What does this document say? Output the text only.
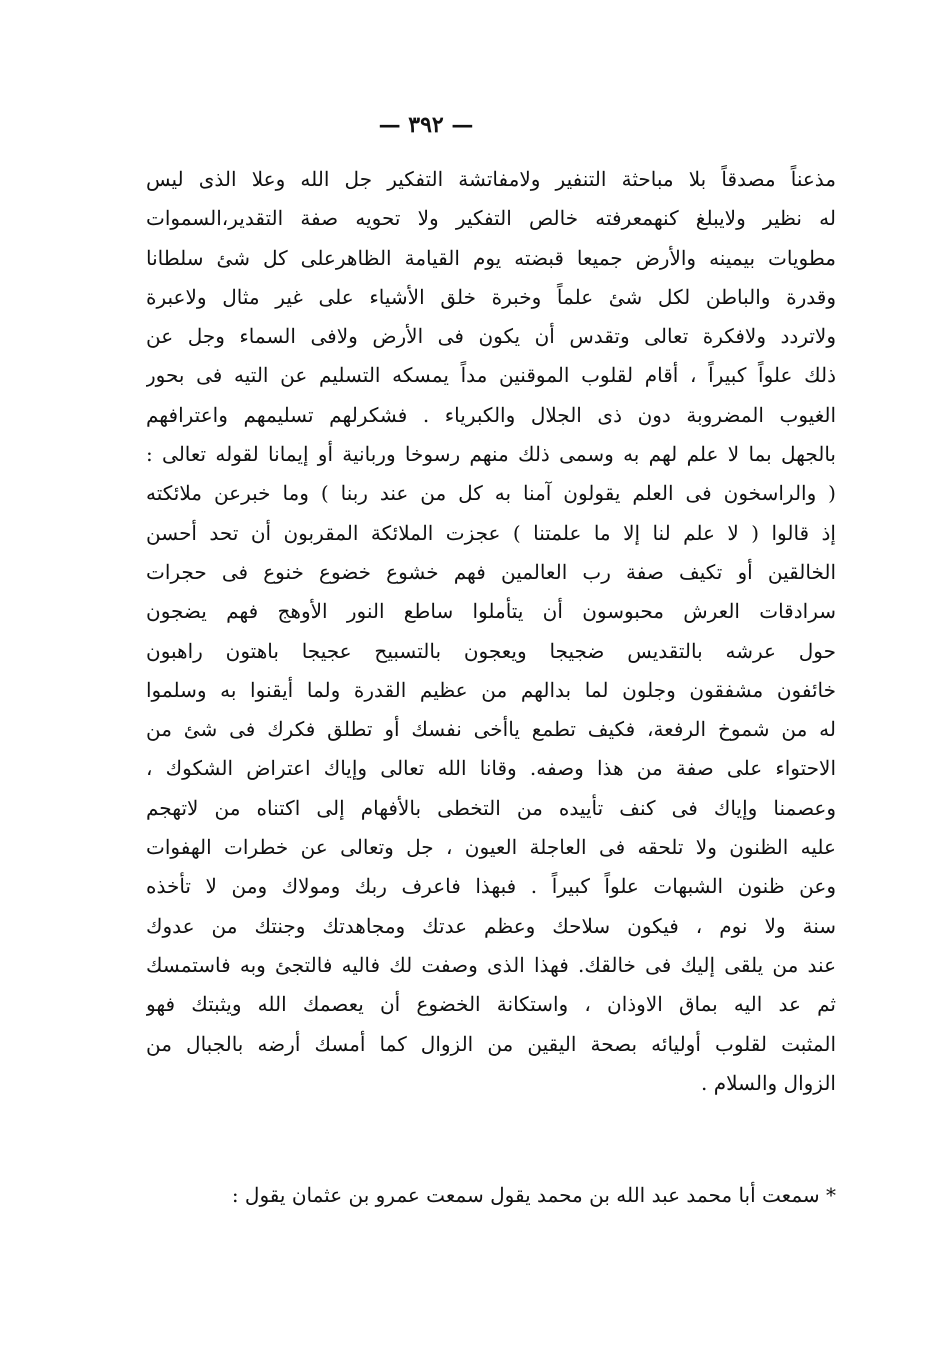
— ٣٩٢ —
مذعناً مصدقاً بلا مباحثة التنفير ولامفاتشة التفكير جل الله وعلا الذى ليس
له نظير ولايبلغ كنهمعرفته خالص التفكير ولا تحويه صفة التقدير،السموات
مطويات بيمينه والأرض جميعا قبضته يوم القيامة الظاهرعلى كل شئ سلطانا
وقدرة والباطن لكل شئ علماً وخبرة خلق الأشياء على غير مثال ولاعبرة
ولاتردد ولافكرة تعالى وتقدس أن يكون فى الأرض ولافى السماء وجل عن
ذلك علواً كبيراً ، أقام لقلوب الموقنين مداً يمسكه التسليم عن التيه فى بحور
الغيوب المضروبة دون ذى الجلال والكبرياء . فشكرلهم تسليمهم واعترافهم
بالجهل بما لا علم لهم به وسمى ذلك منهم رسوخا وربانية أو إيمانا لقوله تعالى :
( والراسخون فى العلم يقولون آمنا به كل من عند ربنا ) وما خبرعن ملائكته
إذ قالوا ( لا علم لنا إلا ما علمتنا ) عجزت الملائكة المقربون أن تحد أحسن
الخالقين أو تكيف صفة رب العالمين فهم خشوع خضوع خنوع فى حجرات
سرادقات العرش محبوسون أن يتأملوا ساطع النور الأوهج فهم يضجون
حول عرشه بالتقديس ضجيجا ويعجون بالتسبيح عجيجا باهتون راهبون
خائفون مشفقون وجلون لما بدالهم من عظيم القدرة ولما أيقنوا به وسلموا
له من شموخ الرفعة، فكيف تطمع ياأخى نفسك أو تطلق فكرك فى شئ من
الاحتواء على صفة من هذا وصفه. وقانا الله تعالى وإياك اعتراض الشكوك ،
وعصمنا وإياك فى كنف تأييده من التخطى بالأفهام إلى اكتناه من لاتهجم
عليه الظنون ولا تلحقه فى العاجلة العيون ، جل وتعالى عن خطرات الهفوات
وعن ظنون الشبهات علواً كبيراً . فبهذا فاعرف ربك ومولاك ومن لا تأخذه
سنة ولا نوم ، فيكون سلاحك وعظم عدتك ومجاهدتك وجنتك من عدوك
عند من يلقى إليك فى خالقك. فهذا الذى وصفت لك فاليه فالتجئ وبه فاستمسك
ثم عد اليه بماق الاوذان ، واستكانة الخضوع أن يعصمك الله ويثبتك فهو
المثبت لقلوب أوليائه بصحة اليقين من الزوال كما أمسك أرضه بالجبال من
الزوال والسلام .
* سمعت أبا محمد عبد الله بن محمد يقول سمعت عمرو بن عثمان يقول :
